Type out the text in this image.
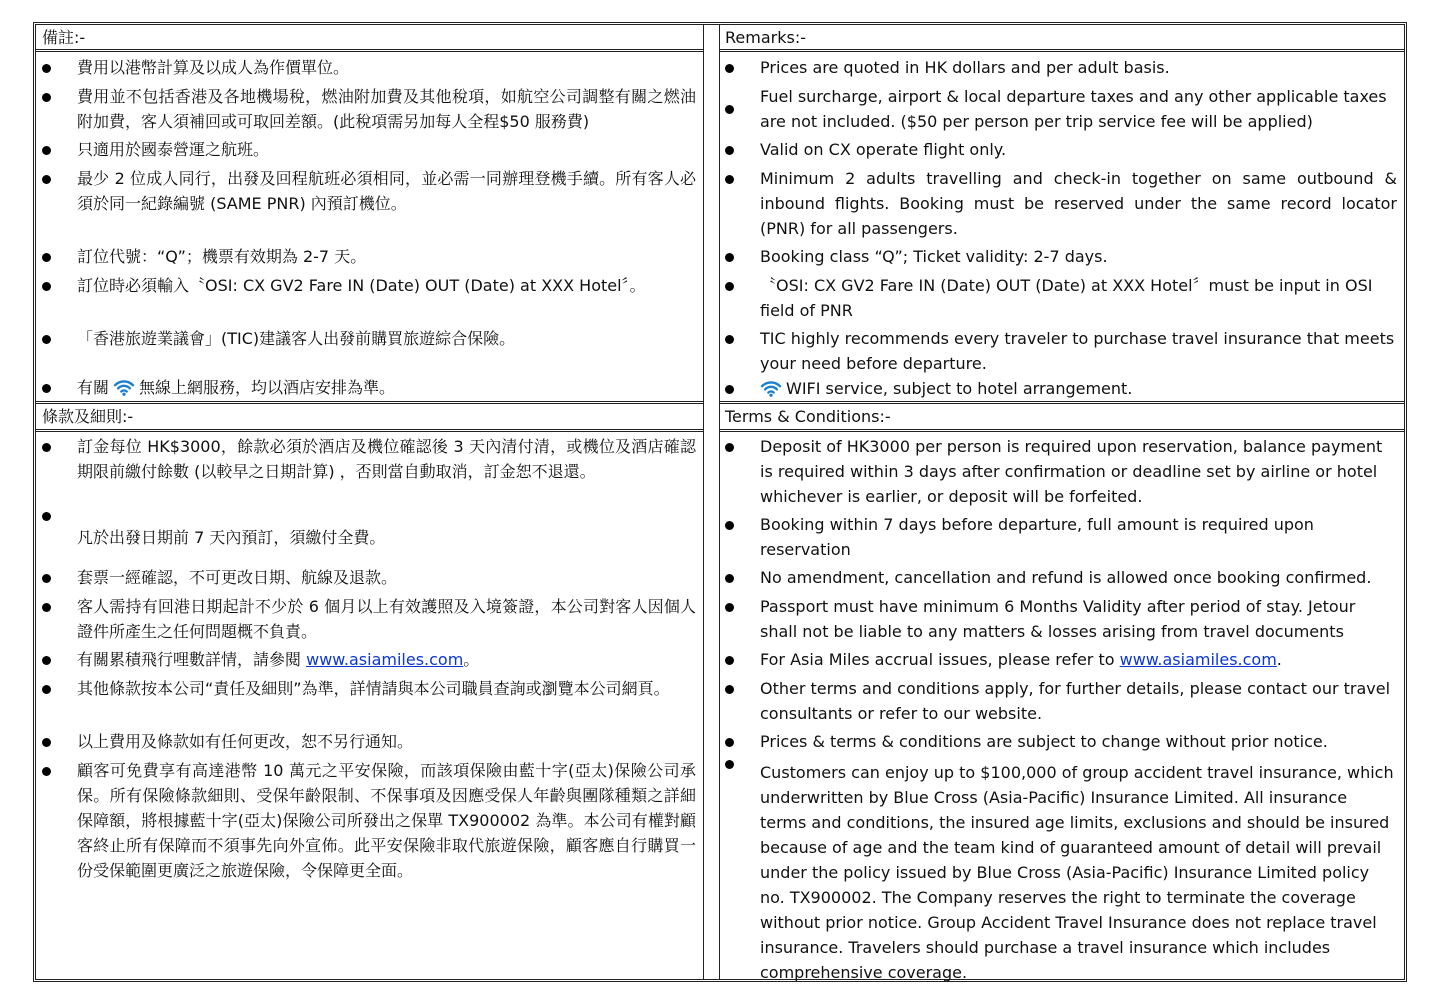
備註:-	Remarks:-
費用以港幣計算及以成人為作價單位。
費用並不包括香港及各地機場稅，燃油附加費及其他稅項，如航空公司調整有關之燃油附加費，客人須補回或可取回差額。(此稅項需另加每人全程$50 服務費)
只適用於國泰營運之航班。
最少 2 位成人同行，出發及回程航班必須相同，並必需一同辦理登機手續。所有客人必須於同一紀錄編號 (SAME PNR) 內預訂機位。
訂位代號：“Q”；機票有效期為 2-7 天。
訂位時必須輸入〝OSI: CX GV2 Fare IN (Date) OUT (Date) at XXX Hotel〞。
「香港旅遊業議會」(TIC)建議客人出發前購買旅遊綜合保險。
有關 無線上網服務，均以酒店安排為準。
Prices are quoted in HK dollars and per adult basis.
Fuel surcharge, airport & local departure taxes and any other applicable taxes are not included. ($50 per person per trip service fee will be applied)
Valid on CX operate flight only.
Minimum 2 adults travelling and check-in together on same outbound & inbound flights. Booking must be reserved under the same record locator (PNR) for all passengers.
Booking class “Q”; Ticket validity: 2-7 days.
〝OSI: CX GV2 Fare IN (Date) OUT (Date) at XXX Hotel〞must be input in OSI field of PNR
TIC highly recommends every traveler to purchase travel insurance that meets your need before departure.
WIFI service, subject to hotel arrangement.
條款及細則:-	Terms & Conditions:-
訂金每位 HK$3000，餘款必須於酒店及機位確認後 3 天內清付清，或機位及酒店確認期限前繳付餘數 (以較早之日期計算) ，否則當自動取消，訂金恕不退還。
凡於出發日期前 7 天內預訂，須繳付全費。
套票一經確認，不可更改日期、航線及退款。
客人需持有回港日期起計不少於 6 個月以上有效護照及入境簽證，本公司對客人因個人證件所產生之任何問題概不負責。
有關累積飛行哩數詳情，請參閱 www.asiamiles.com。
其他條款按本公司“責任及細則”為準，詳情請與本公司職員查詢或瀏覽本公司網頁。
以上費用及條款如有任何更改，恕不另行通知。
顧客可免費享有高達港幣 10 萬元之平安保險，而該項保險由藍十字(亞太)保險公司承保。所有保險條款細則、受保年齡限制、不保事項及因應受保人年齡與團隊種類之詳細保障額，將根據藍十字(亞太)保險公司所發出之保單 TX900002 為準。本公司有權對顧客終止所有保障而不須事先向外宣佈。此平安保險非取代旅遊保險，顧客應自行購買一份受保範圍更廣泛之旅遊保險，令保障更全面。
Deposit of HK3000 per person is required upon reservation, balance payment is required within 3 days after confirmation or deadline set by airline or hotel whichever is earlier, or deposit will be forfeited.
Booking within 7 days before departure, full amount is required upon reservation
No amendment, cancellation and refund is allowed once booking confirmed.
Passport must have minimum 6 Months Validity after period of stay. Jetour shall not be liable to any matters & losses arising from travel documents
For Asia Miles accrual issues, please refer to www.asiamiles.com.
Other terms and conditions apply, for further details, please contact our travel consultants or refer to our website.
Prices & terms & conditions are subject to change without prior notice.
Customers can enjoy up to $100,000 of group accident travel insurance, which underwritten by Blue Cross (Asia-Pacific) Insurance Limited. All insurance terms and conditions, the insured age limits, exclusions and should be insured because of age and the team kind of guaranteed amount of detail will prevail under the policy issued by Blue Cross (Asia-Pacific) Insurance Limited policy no. TX900002. The Company reserves the right to terminate the coverage without prior notice. Group Accident Travel Insurance does not replace travel insurance. Travelers should purchase a travel insurance which includes comprehensive coverage.
